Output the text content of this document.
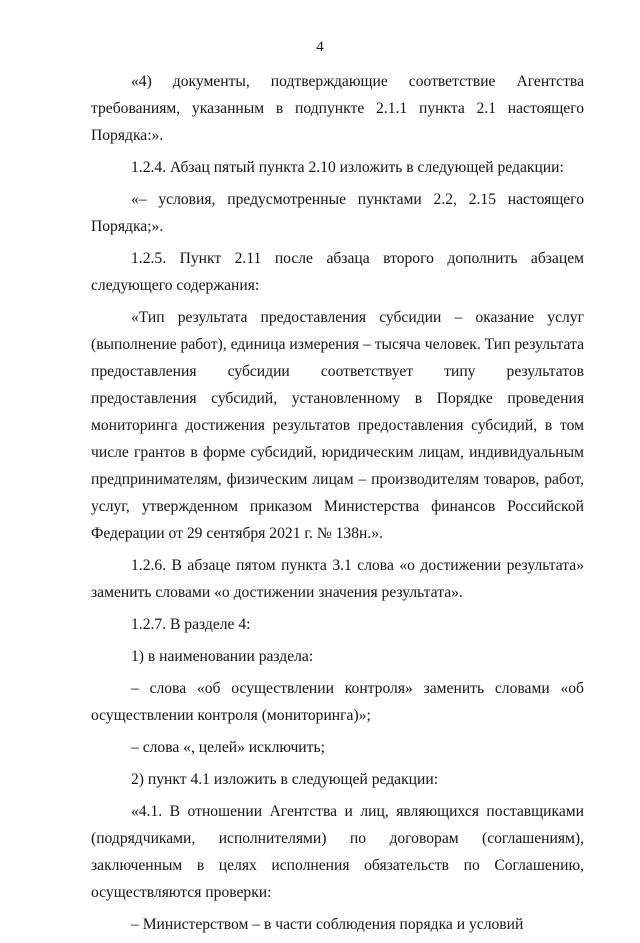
4

«4) документы, подтверждающие соответствие Агентства требованиям, указанным в подпункте 2.1.1 пункта 2.1 настоящего Порядка:».

1.2.4. Абзац пятый пункта 2.10 изложить в следующей редакции:

«– условия, предусмотренные пунктами 2.2, 2.15 настоящего Порядка;».

1.2.5. Пункт 2.11 после абзаца второго дополнить абзацем следующего содержания:

«Тип результата предоставления субсидии – оказание услуг (выполнение работ), единица измерения – тысяча человек. Тип результата предоставления субсидии соответствует типу результатов предоставления субсидий, установленному в Порядке проведения мониторинга достижения результатов предоставления субсидий, в том числе грантов в форме субсидий, юридическим лицам, индивидуальным предпринимателям, физическим лицам – производителям товаров, работ, услуг, утвержденном приказом Министерства финансов Российской Федерации от 29 сентября 2021 г. № 138н.».

1.2.6. В абзаце пятом пункта 3.1 слова «о достижении результата» заменить словами «о достижении значения результата».

1.2.7. В разделе 4:

1) в наименовании раздела:

– слова «об осуществлении контроля» заменить словами «об осуществлении контроля (мониторинга)»;

– слова «, целей» исключить;

2) пункт 4.1 изложить в следующей редакции:

«4.1. В отношении Агентства и лиц, являющихся поставщиками (подрядчиками, исполнителями) по договорам (соглашениям), заключенным в целях исполнения обязательств по Соглашению, осуществляются проверки:

– Министерством – в части соблюдения порядка и условий
